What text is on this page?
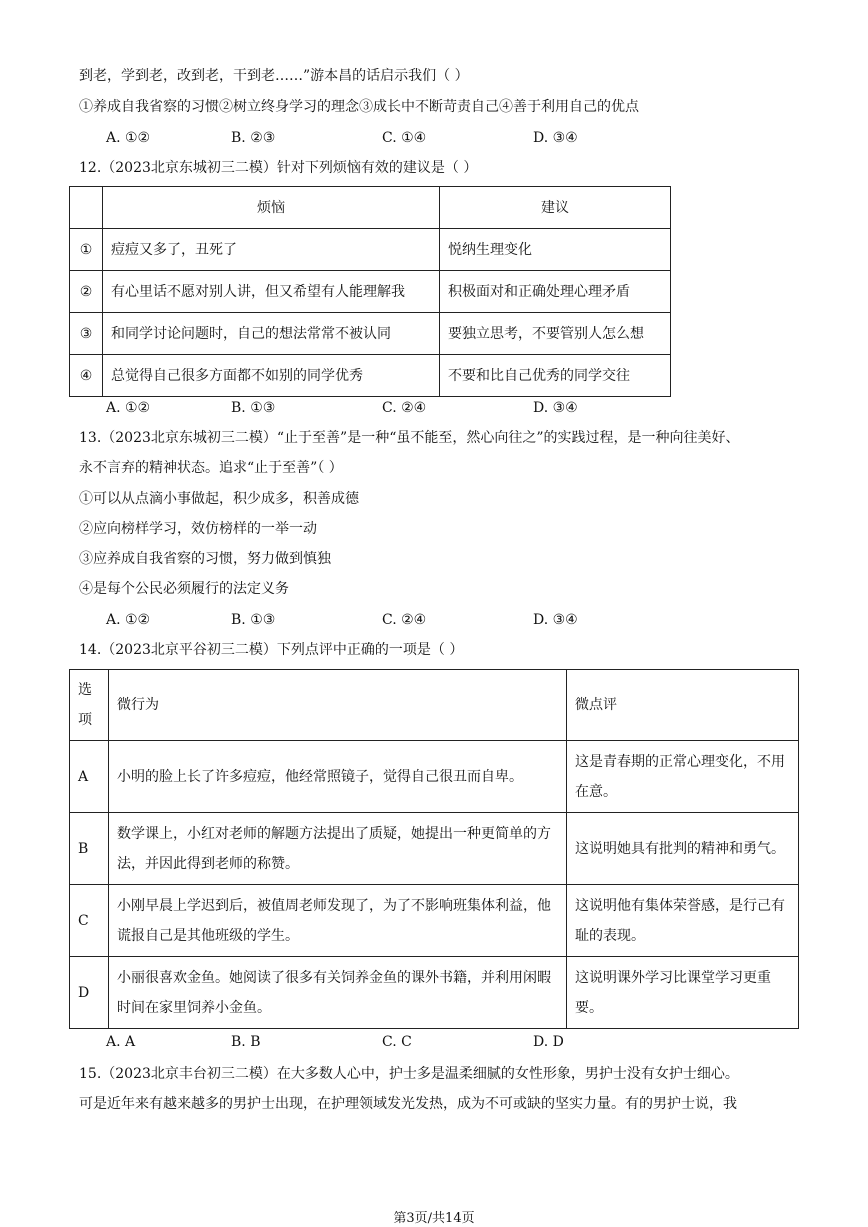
到老，学到老，改到老，干到老……”游本昌的话启示我们（ ）
①养成自我省察的习惯②树立终身学习的理念③成长中不断苛责自己④善于利用自己的优点
A. ①②	B. ②③	C. ①④	D. ③④
12.（2023北京东城初三二模）针对下列烦恼有效的建议是（ ）
	烦恼	建议
①	痘痘又多了，丑死了	悦纳生理变化
②	有心里话不愿对别人讲，但又希望有人能理解我	积极面对和正确处理心理矛盾
③	和同学讨论问题时，自己的想法常常不被认同	要独立思考，不要管别人怎么想
④	总觉得自己很多方面都不如别的同学优秀	不要和比自己优秀的同学交往
A. ①②	B. ①③	C. ②④	D. ③④
13.（2023北京东城初三二模）“止于至善”是一种“虽不能至，然心向往之”的实践过程，是一种向往美好、
永不言弃的精神状态。追求“止于至善”（ ）
①可以从点滴小事做起，积少成多，积善成德
②应向榜样学习，效仿榜样的一举一动
③应养成自我省察的习惯，努力做到慎独
④是每个公民必须履行的法定义务
A. ①②	B. ①③	C. ②④	D. ③④
14.（2023北京平谷初三二模）下列点评中正确的一项是（ ）
选项	微行为	微点评
A	小明的脸上长了许多痘痘，他经常照镜子，觉得自己很丑而自卑。	这是青春期的正常心理变化，不用在意。
B	数学课上，小红对老师的解题方法提出了质疑，她提出一种更简单的方法，并因此得到老师的称赞。	这说明她具有批判的精神和勇气。
C	小刚早晨上学迟到后，被值周老师发现了，为了不影响班集体利益，他谎报自己是其他班级的学生。	这说明他有集体荣誉感，是行己有耻的表现。
D	小丽很喜欢金鱼。她阅读了很多有关饲养金鱼的课外书籍，并利用闲暇时间在家里饲养小金鱼。	这说明课外学习比课堂学习更重要。
A. A	B. B	C. C	D. D
15.（2023北京丰台初三二模）在大多数人心中，护士多是温柔细腻的女性形象，男护士没有女护士细心。
可是近年来有越来越多的男护士出现，在护理领域发光发热，成为不可或缺的坚实力量。有的男护士说，我
第3页/共14页
